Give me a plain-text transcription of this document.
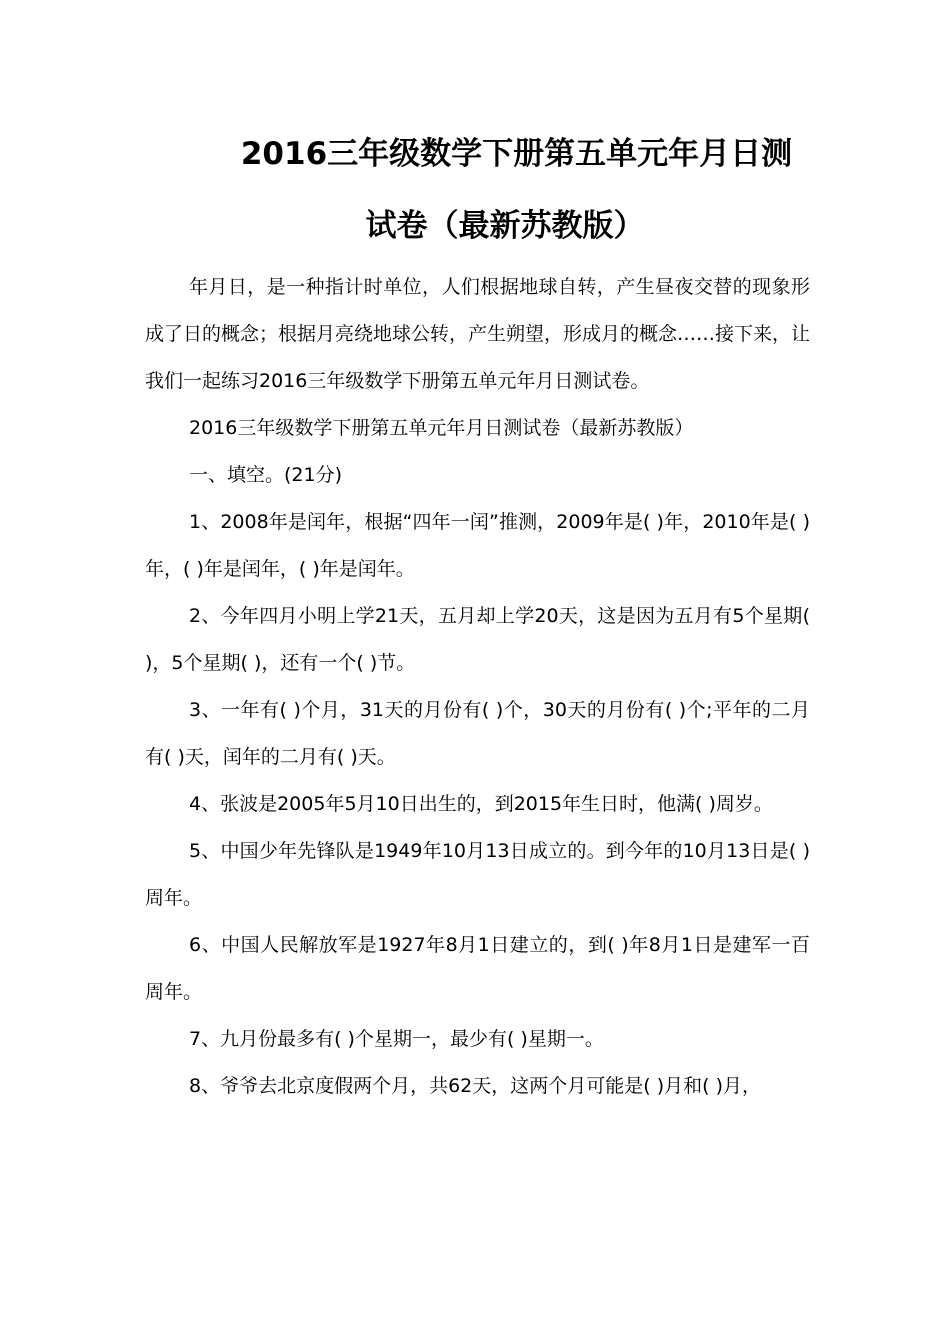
2016三年级数学下册第五单元年月日测
试卷（最新苏教版）

年月日，是一种指计时单位，人们根据地球自转，产生昼夜交替的现象形成了日的概念；根据月亮绕地球公转，产生朔望，形成月的概念……接下来，让我们一起练习2016三年级数学下册第五单元年月日测试卷。

2016三年级数学下册第五单元年月日测试卷（最新苏教版）

一、填空。(21分)

1、2008年是闰年，根据“四年一闰”推测，2009年是( )年，2010年是( )年，( )年是闰年，( )年是闰年。

2、今年四月小明上学21天，五月却上学20天，这是因为五月有5个星期( )，5个星期( )，还有一个( )节。

3、一年有( )个月，31天的月份有( )个，30天的月份有( )个;平年的二月有( )天，闰年的二月有( )天。

4、张波是2005年5月10日出生的，到2015年生日时，他满( )周岁。

5、中国少年先锋队是1949年10月13日成立的。到今年的10月13日是( )周年。

6、中国人民解放军是1927年8月1日建立的，到( )年8月1日是建军一百周年。

7、九月份最多有( )个星期一，最少有( )星期一。

8、爷爷去北京度假两个月，共62天，这两个月可能是( )月和( )月，
